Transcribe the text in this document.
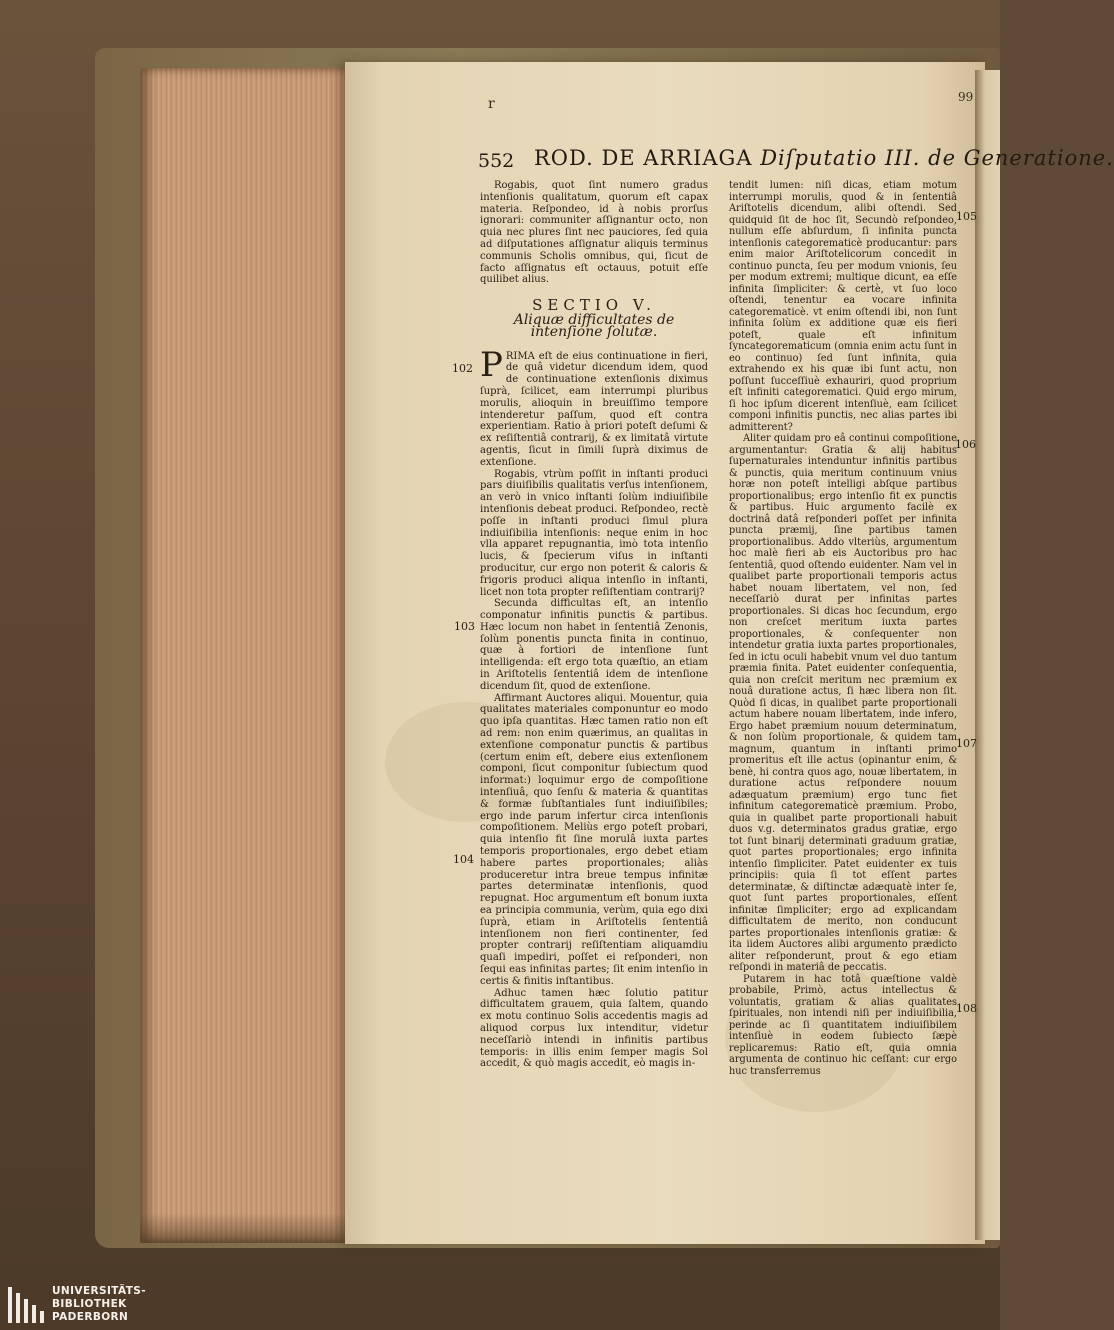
r	99
552 ROD. DE ARRIAGA Diſputatio III. de Generatione.
102
103
104
105
106
107
108

Rogabis, quot ſint numero gradus intenſionis qualitatum, quorum eſt capax materia. Reſpondeo, id à nobis prorſus ignorari: communiter aſſignantur octo, non quia nec plures ſint nec pauciores, ſed quia ad diſputationes aſſignatur aliquis terminus communis Scholis omnibus, qui, ſicut de facto aſſignatus eſt octauus, potuit eſſe quilibet alius.

SECTIO V.
Aliquæ difficultates de intenſione ſolutæ.

PRIMA eſt de eius continuatione in fieri, de quâ videtur dicendum idem, quod de continuatione extenſionis diximus ſuprà, ſcilicet, eam interrumpi pluribus morulis, alioquin in breuiſſimo tempore intenderetur paſſum, quod eſt contra experientiam. Ratio à priori poteſt deſumi & ex reſiſtentiâ contrarij, & ex limitatâ virtute agentis, ſicut in ſimili ſuprà diximus de extenſione.

Rogabis, vtrùm poſſit in inſtanti produci pars diuiſibilis qualitatis verſus intenſionem, an verò in vnico inſtanti ſolùm indiuiſibile intenſionis debeat produci. Reſpondeo, rectè poſſe in inſtanti produci ſimul plura indiuiſibilia intenſionis: neque enim in hoc vlla apparet repugnantia, imò tota intenſio lucis, & ſpecierum viſus in inſtanti producitur, cur ergo non poterit & caloris & frigoris produci aliqua intenſio in inſtanti, licet non tota propter reſiſtentiam contrarij?

Secunda difficultas eſt, an intenſio componatur infinitis punctis & partibus. Hæc locum non habet in ſententiâ Zenonis, ſolùm ponentis puncta finita in continuo, quæ à fortiori de intenſione ſunt intelligenda: eſt ergo tota quæſtio, an etiam in Ariſtotelis ſententiâ idem de intenſione dicendum ſit, quod de extenſione.

Affirmant Auctores aliqui. Mouentur, quia qualitates materiales componuntur eo modo quo ipſa quantitas. Hæc tamen ratio non eſt ad rem: non enim quærimus, an qualitas in extenſione componatur punctis & partibus (certum enim eſt, debere eius extenſionem componi, ſicut componitur ſubiectum quod informat:) loquimur ergo de compoſitione intenſiuâ, quo ſenſu & materia & quantitas & formæ ſubſtantiales ſunt indiuiſibiles; ergo inde parum infertur circa intenſionis compoſitionem. Meliùs ergo poteſt probari, quia intenſio fit ſine morulâ iuxta partes temporis proportionales, ergo debet etiam habere partes proportionales; aliàs produceretur intra breue tempus infinitæ partes determinatæ intenſionis, quod repugnat. Hoc argumentum eſt bonum iuxta ea principia communia, verùm, quia ego dixi ſuprà, etiam in Ariſtotelis ſententiâ intenſionem non fieri continenter, ſed propter contrarij reſiſtentiam aliquamdiu quaſi impediri, poſſet ei reſponderi, non ſequi eas infinitas partes; ſit enim intenſio in certis & finitis inſtantibus.

Adhuc tamen hæc ſolutio patitur difficultatem grauem, quia ſaltem, quando ex motu continuo Solis accedentis magis ad aliquod corpus lux intenditur, videtur neceſſariò intendi in infinitis partibus temporis: in illis enim ſemper magis Sol accedit, & quò magis accedit, eò magis in-

tendit lumen: niſi dicas, etiam motum interrumpi morulis, quod & in ſententiâ Ariſtotelis dicendum, alibi oſtendi. Sed quidquid ſit de hoc ſit, Secundò reſpondeo, nullum eſſe abſurdum, ſi infinita puncta intenſionis categorematicè producantur: pars enim maior Ariſtotelicorum concedit in continuo puncta, ſeu per modum vnionis, ſeu per modum extremi; multique dicunt, ea eſſe infinita ſimpliciter: & certè, vt ſuo loco oſtendi, tenentur ea vocare infinita categorematicè. vt enim oſtendi ibi, non ſunt infinita ſolùm ex additione quæ eis fieri poteſt, quale eſt infinitum ſyncategorematicum (omnia enim actu ſunt in eo continuo) ſed ſunt infinita, quia extrahendo ex his quæ ibi ſunt actu, non poſſunt ſucceſſiuè exhauriri, quod proprium eſt infiniti categorematici. Quid ergo mirum, ſi hoc ipſum dicerent intenſiuè, eam ſcilicet componi infinitis punctis, nec alias partes ibi admitterent?

Aliter quidam pro eâ continui compoſitione argumentantur: Gratia & alij habitus ſupernaturales intenduntur infinitis partibus & punctis, quia meritum continuum vnius horæ non poteſt intelligi abſque partibus proportionalibus; ergo intenſio fit ex punctis & partibus. Huic argumento facilè ex doctrinâ datâ reſponderi poſſet per infinita puncta præmij, ſine partibus tamen proportionalibus. Addo vlteriùs, argumentum hoc malè fieri ab eis Auctoribus pro hac ſententiâ, quod oſtendo euidenter. Nam vel in qualibet parte proportionali temporis actus habet nouam libertatem, vel non, ſed neceſſariò durat per infinitas partes proportionales. Si dicas hoc ſecundum, ergo non creſcet meritum iuxta partes proportionales, & conſequenter non intendetur gratia iuxta partes proportionales, ſed in ictu oculi habebit vnum vel duo tantum præmia finita. Patet euidenter conſequentia, quia non creſcit meritum nec præmium ex nouâ duratione actus, ſi hæc libera non ſit. Quòd ſi dicas, in qualibet parte proportionali actum habere nouam libertatem, inde infero, Ergo habet præmium nouum determinatum, & non ſolùm proportionale, & quidem tam magnum, quantum in inſtanti primo promeritus eſt ille actus (opinantur enim, & benè, hi contra quos ago, nouæ libertatem, in duratione actus reſpondere nouum adæquatum præmium) ergo tunc fiet infinitum categorematicè præmium. Probo, quia in qualibet parte proportionali habuit duos v.g. determinatos gradus gratiæ, ergo tot ſunt binarij determinati graduum gratiæ, quot partes proportionales; ergo infinita intenſio ſimpliciter. Patet euidenter ex tuis principiis: quia ſi tot eſſent partes determinatæ, & diſtinctæ adæquatè inter ſe, quot ſunt partes proportionales, eſſent infinitæ ſimpliciter; ergo ad explicandam difficultatem de merito, non conducunt partes proportionales intenſionis gratiæ: & ita iidem Auctores alibi argumento prædicto aliter reſponderunt, prout & ego etiam reſpondi in materiâ de peccatis.

Putarem in hac totâ quæſtione valdè probabile, Primò, actus intellectus & voluntatis, gratiam & alias qualitates ſpirituales, non intendi niſi per indiuiſibilia, perinde ac ſi quantitatem indiuiſibilem intenſiuè in eodem ſubiecto ſæpè replicaremus: Ratio eſt, quia omnia argumenta de continuo hic ceſſant: cur ergo huc transferremus

UNIVERSITÄTS-
BIBLIOTHEK
PADERBORN
